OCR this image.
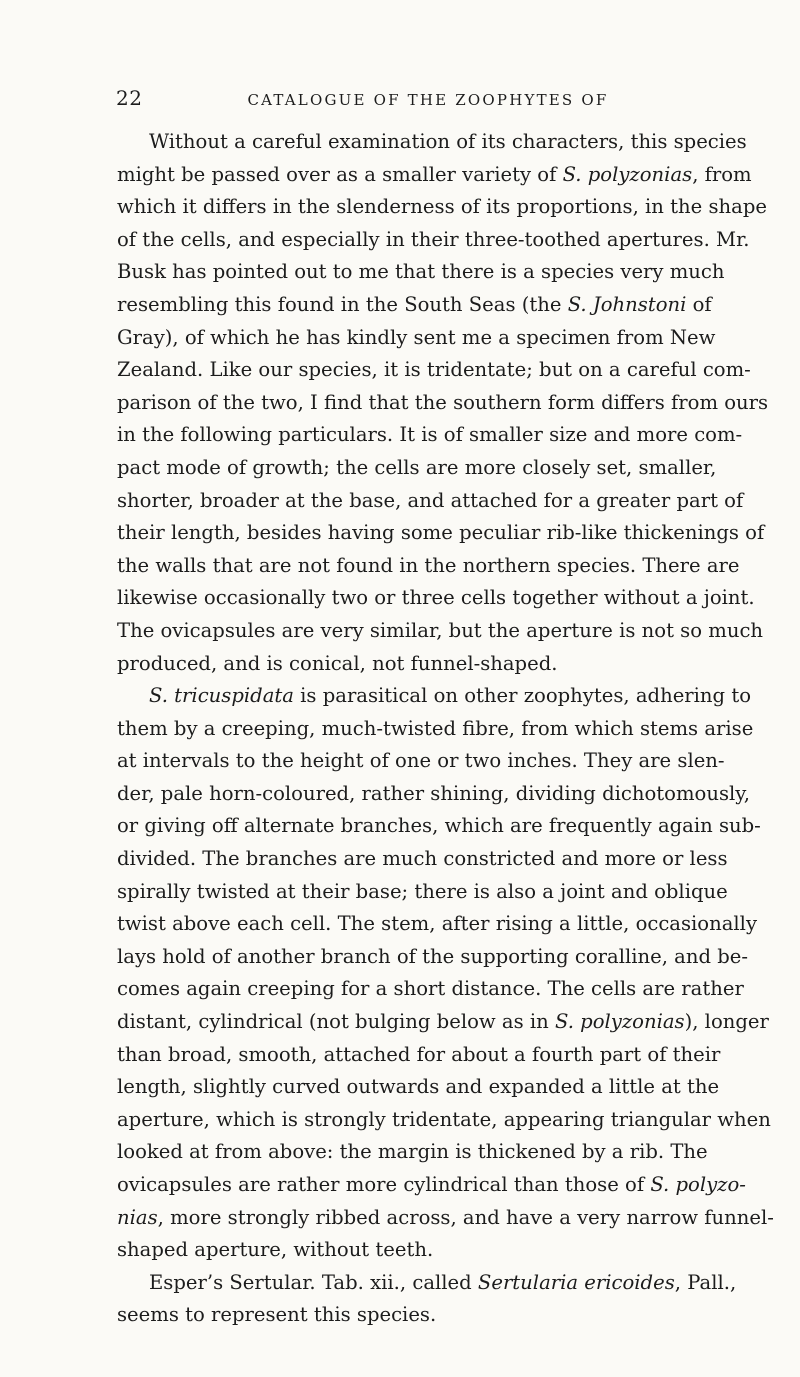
22	CATALOGUE OF THE ZOOPHYTES OF
Without a careful examination of its characters, this species
might be passed over as a smaller variety of S. polyzonias, from
which it differs in the slenderness of its proportions, in the shape
of the cells, and especially in their three-toothed apertures. Mr.
Busk has pointed out to me that there is a species very much
resembling this found in the South Seas (the S. Johnstoni of
Gray), of which he has kindly sent me a specimen from New
Zealand. Like our species, it is tridentate; but on a careful com-
parison of the two, I find that the southern form differs from ours
in the following particulars. It is of smaller size and more com-
pact mode of growth; the cells are more closely set, smaller,
shorter, broader at the base, and attached for a greater part of
their length, besides having some peculiar rib-like thickenings of
the walls that are not found in the northern species. There are
likewise occasionally two or three cells together without a joint.
The ovicapsules are very similar, but the aperture is not so much
produced, and is conical, not funnel-shaped.
S. tricuspidata is parasitical on other zoophytes, adhering to
them by a creeping, much-twisted fibre, from which stems arise
at intervals to the height of one or two inches. They are slen-
der, pale horn-coloured, rather shining, dividing dichotomously,
or giving off alternate branches, which are frequently again sub-
divided. The branches are much constricted and more or less
spirally twisted at their base; there is also a joint and oblique
twist above each cell. The stem, after rising a little, occasionally
lays hold of another branch of the supporting coralline, and be-
comes again creeping for a short distance. The cells are rather
distant, cylindrical (not bulging below as in S. polyzonias), longer
than broad, smooth, attached for about a fourth part of their
length, slightly curved outwards and expanded a little at the
aperture, which is strongly tridentate, appearing triangular when
looked at from above: the margin is thickened by a rib. The
ovicapsules are rather more cylindrical than those of S. polyzo-
nias, more strongly ribbed across, and have a very narrow funnel-
shaped aperture, without teeth.
Esper’s Sertular. Tab. xii., called Sertularia ericoides, Pall.,
seems to represent this species.
